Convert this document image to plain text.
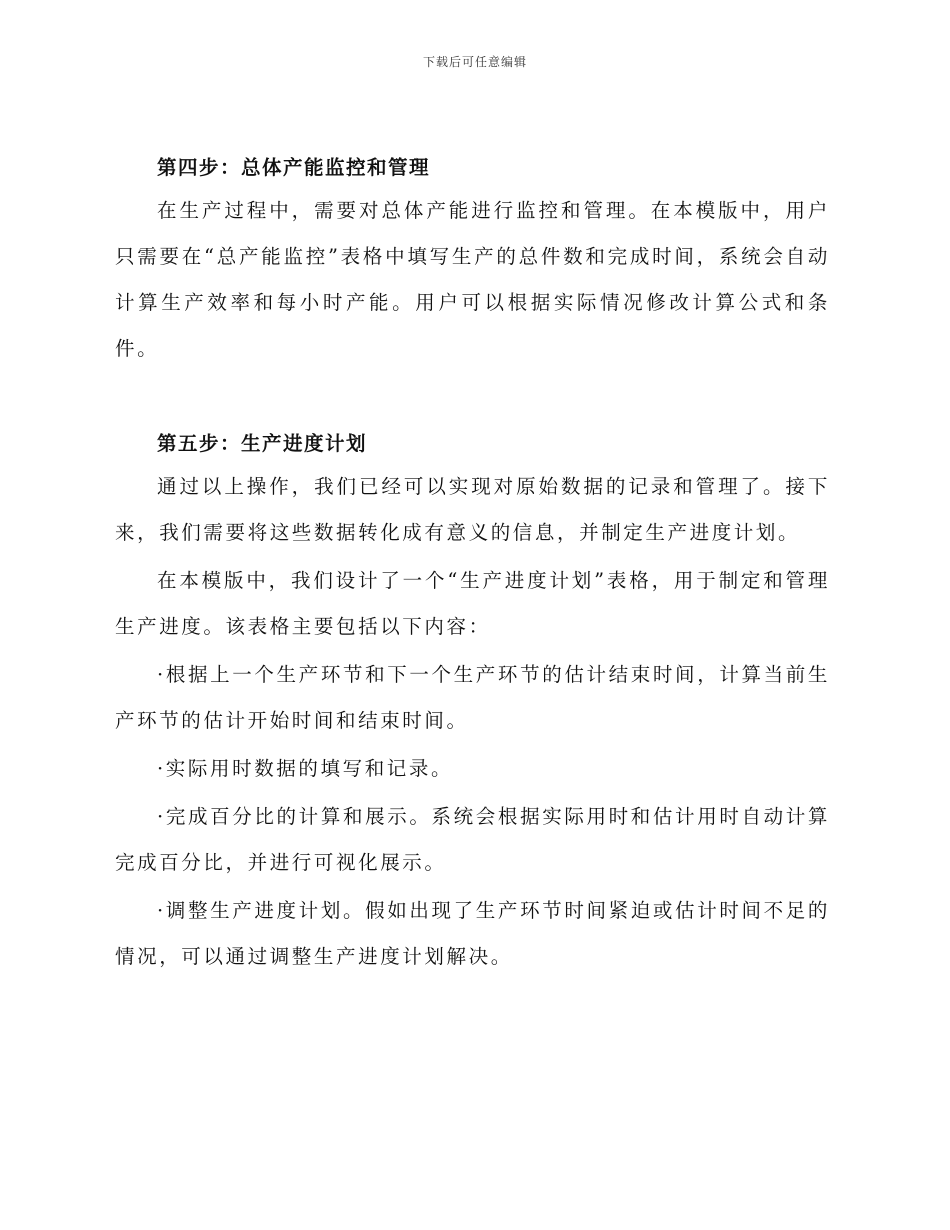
下载后可任意编辑
第四步：总体产能监控和管理

在生产过程中，需要对总体产能进行监控和管理。在本模版中，用户只需要在“总产能监控”表格中填写生产的总件数和完成时间，系统会自动计算生产效率和每小时产能。用户可以根据实际情况修改计算公式和条件。

第五步：生产进度计划

通过以上操作，我们已经可以实现对原始数据的记录和管理了。接下来，我们需要将这些数据转化成有意义的信息，并制定生产进度计划。

在本模版中，我们设计了一个“生产进度计划”表格，用于制定和管理生产进度。该表格主要包括以下内容：

·根据上一个生产环节和下一个生产环节的估计结束时间，计算当前生产环节的估计开始时间和结束时间。

·实际用时数据的填写和记录。

·完成百分比的计算和展示。系统会根据实际用时和估计用时自动计算完成百分比，并进行可视化展示。

·调整生产进度计划。假如出现了生产环节时间紧迫或估计时间不足的情况，可以通过调整生产进度计划解决。
